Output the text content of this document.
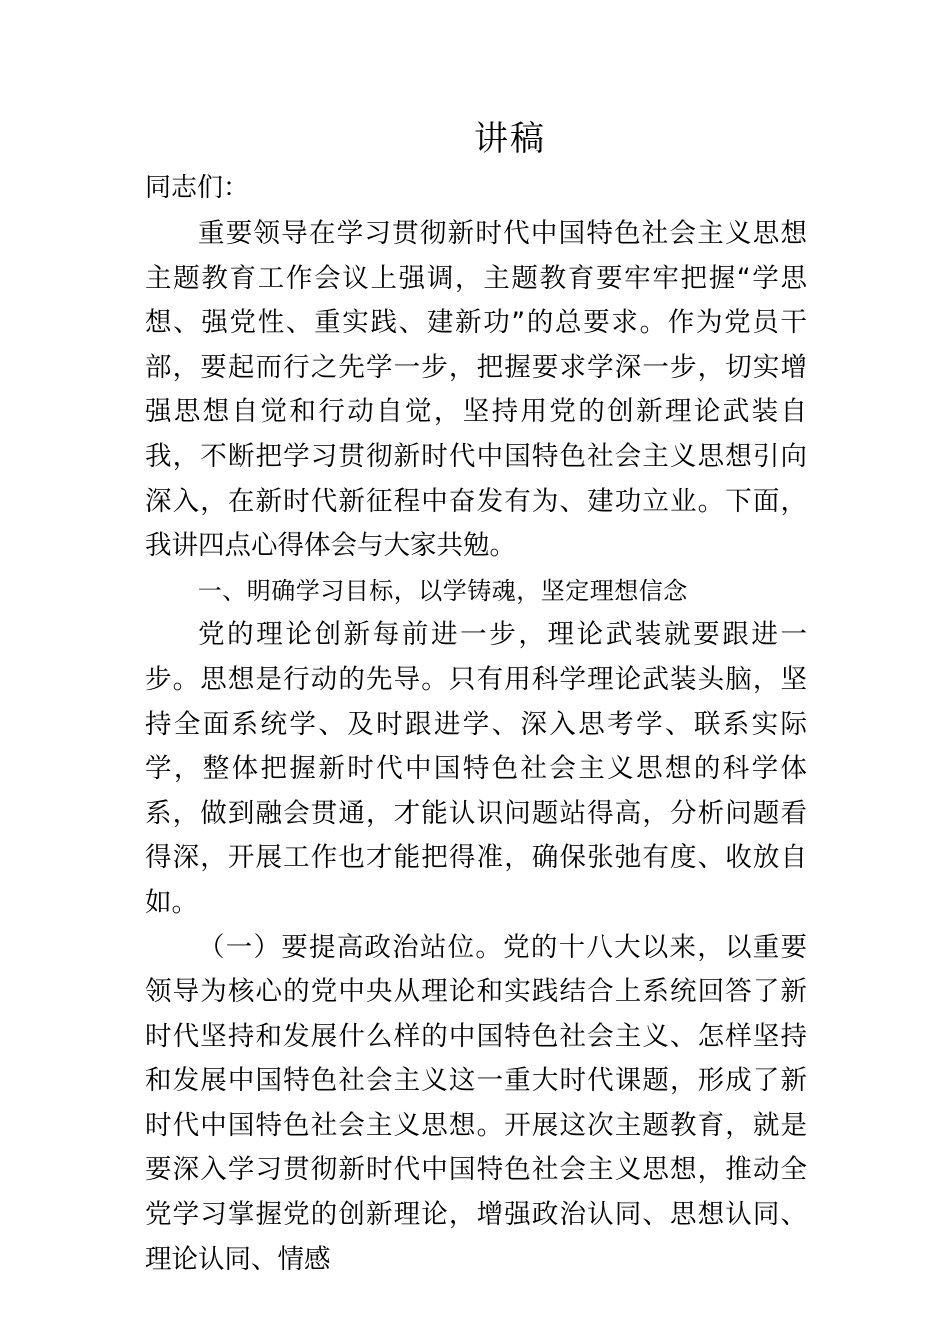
讲稿
同志们：

重要领导在学习贯彻新时代中国特色社会主义思想主题教育工作会议上强调，主题教育要牢牢把握“学思想、强党性、重实践、建新功”的总要求。作为党员干部，要起而行之先学一步，把握要求学深一步，切实增强思想自觉和行动自觉，坚持用党的创新理论武装自我，不断把学习贯彻新时代中国特色社会主义思想引向深入，在新时代新征程中奋发有为、建功立业。下面，我讲四点心得体会与大家共勉。

一、明确学习目标，以学铸魂，坚定理想信念

党的理论创新每前进一步，理论武装就要跟进一步。思想是行动的先导。只有用科学理论武装头脑，坚持全面系统学、及时跟进学、深入思考学、联系实际学，整体把握新时代中国特色社会主义思想的科学体系，做到融会贯通，才能认识问题站得高，分析问题看得深，开展工作也才能把得准，确保张弛有度、收放自如。

（一）要提高政治站位。党的十八大以来，以重要领导为核心的党中央从理论和实践结合上系统回答了新时代坚持和发展什么样的中国特色社会主义、怎样坚持和发展中国特色社会主义这一重大时代课题，形成了新时代中国特色社会主义思想。开展这次主题教育，就是要深入学习贯彻新时代中国特色社会主义思想，推动全党学习掌握党的创新理论，增强政治认同、思想认同、理论认同、情感
